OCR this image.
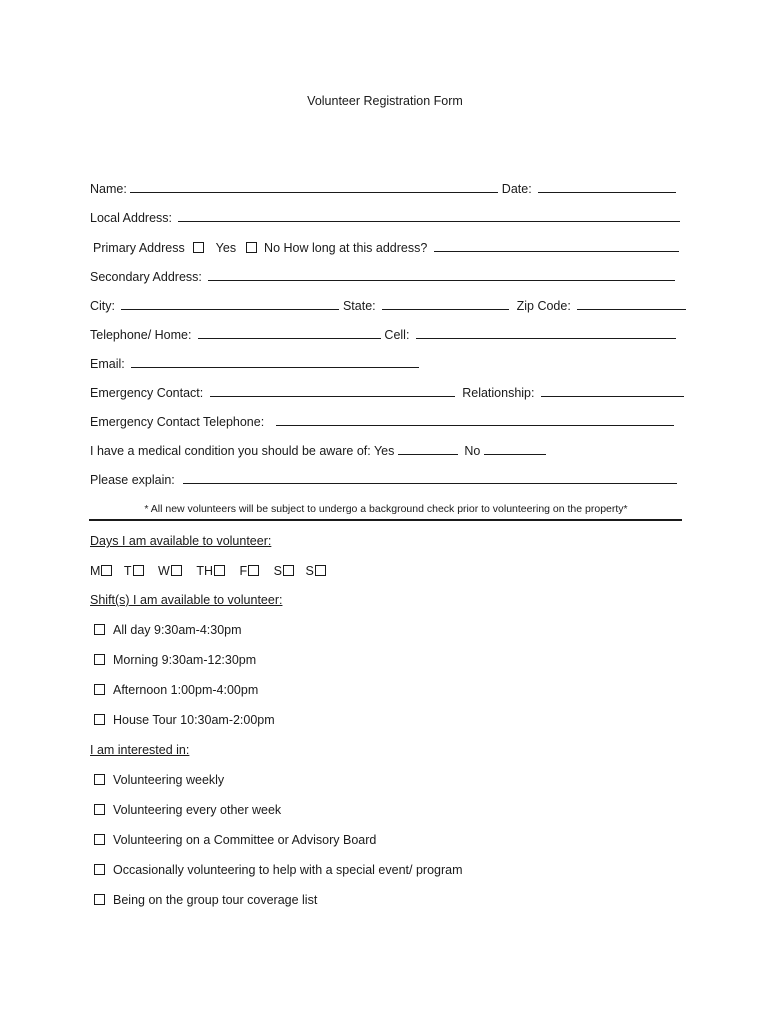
Volunteer Registration Form
Name:	Date:
Local Address:
Primary Address Yes No How long at this address?
Secondary Address:
City:	State:	Zip Code:
Telephone/ Home:	Cell:
Email:
Emergency Contact:	Relationship:
Emergency Contact Telephone:
I have a medical condition you should be aware of: Yes	No
Please explain:
* All new volunteers will be subject to undergo a background check prior to volunteering on the property*
Days I am available to volunteer:
M T W TH F S S
Shift(s) I am available to volunteer:
All day 9:30am-4:30pm
Morning 9:30am-12:30pm
Afternoon 1:00pm-4:00pm
House Tour 10:30am-2:00pm
I am interested in:
Volunteering weekly
Volunteering every other week
Volunteering on a Committee or Advisory Board
Occasionally volunteering to help with a special event/ program
Being on the group tour coverage list
